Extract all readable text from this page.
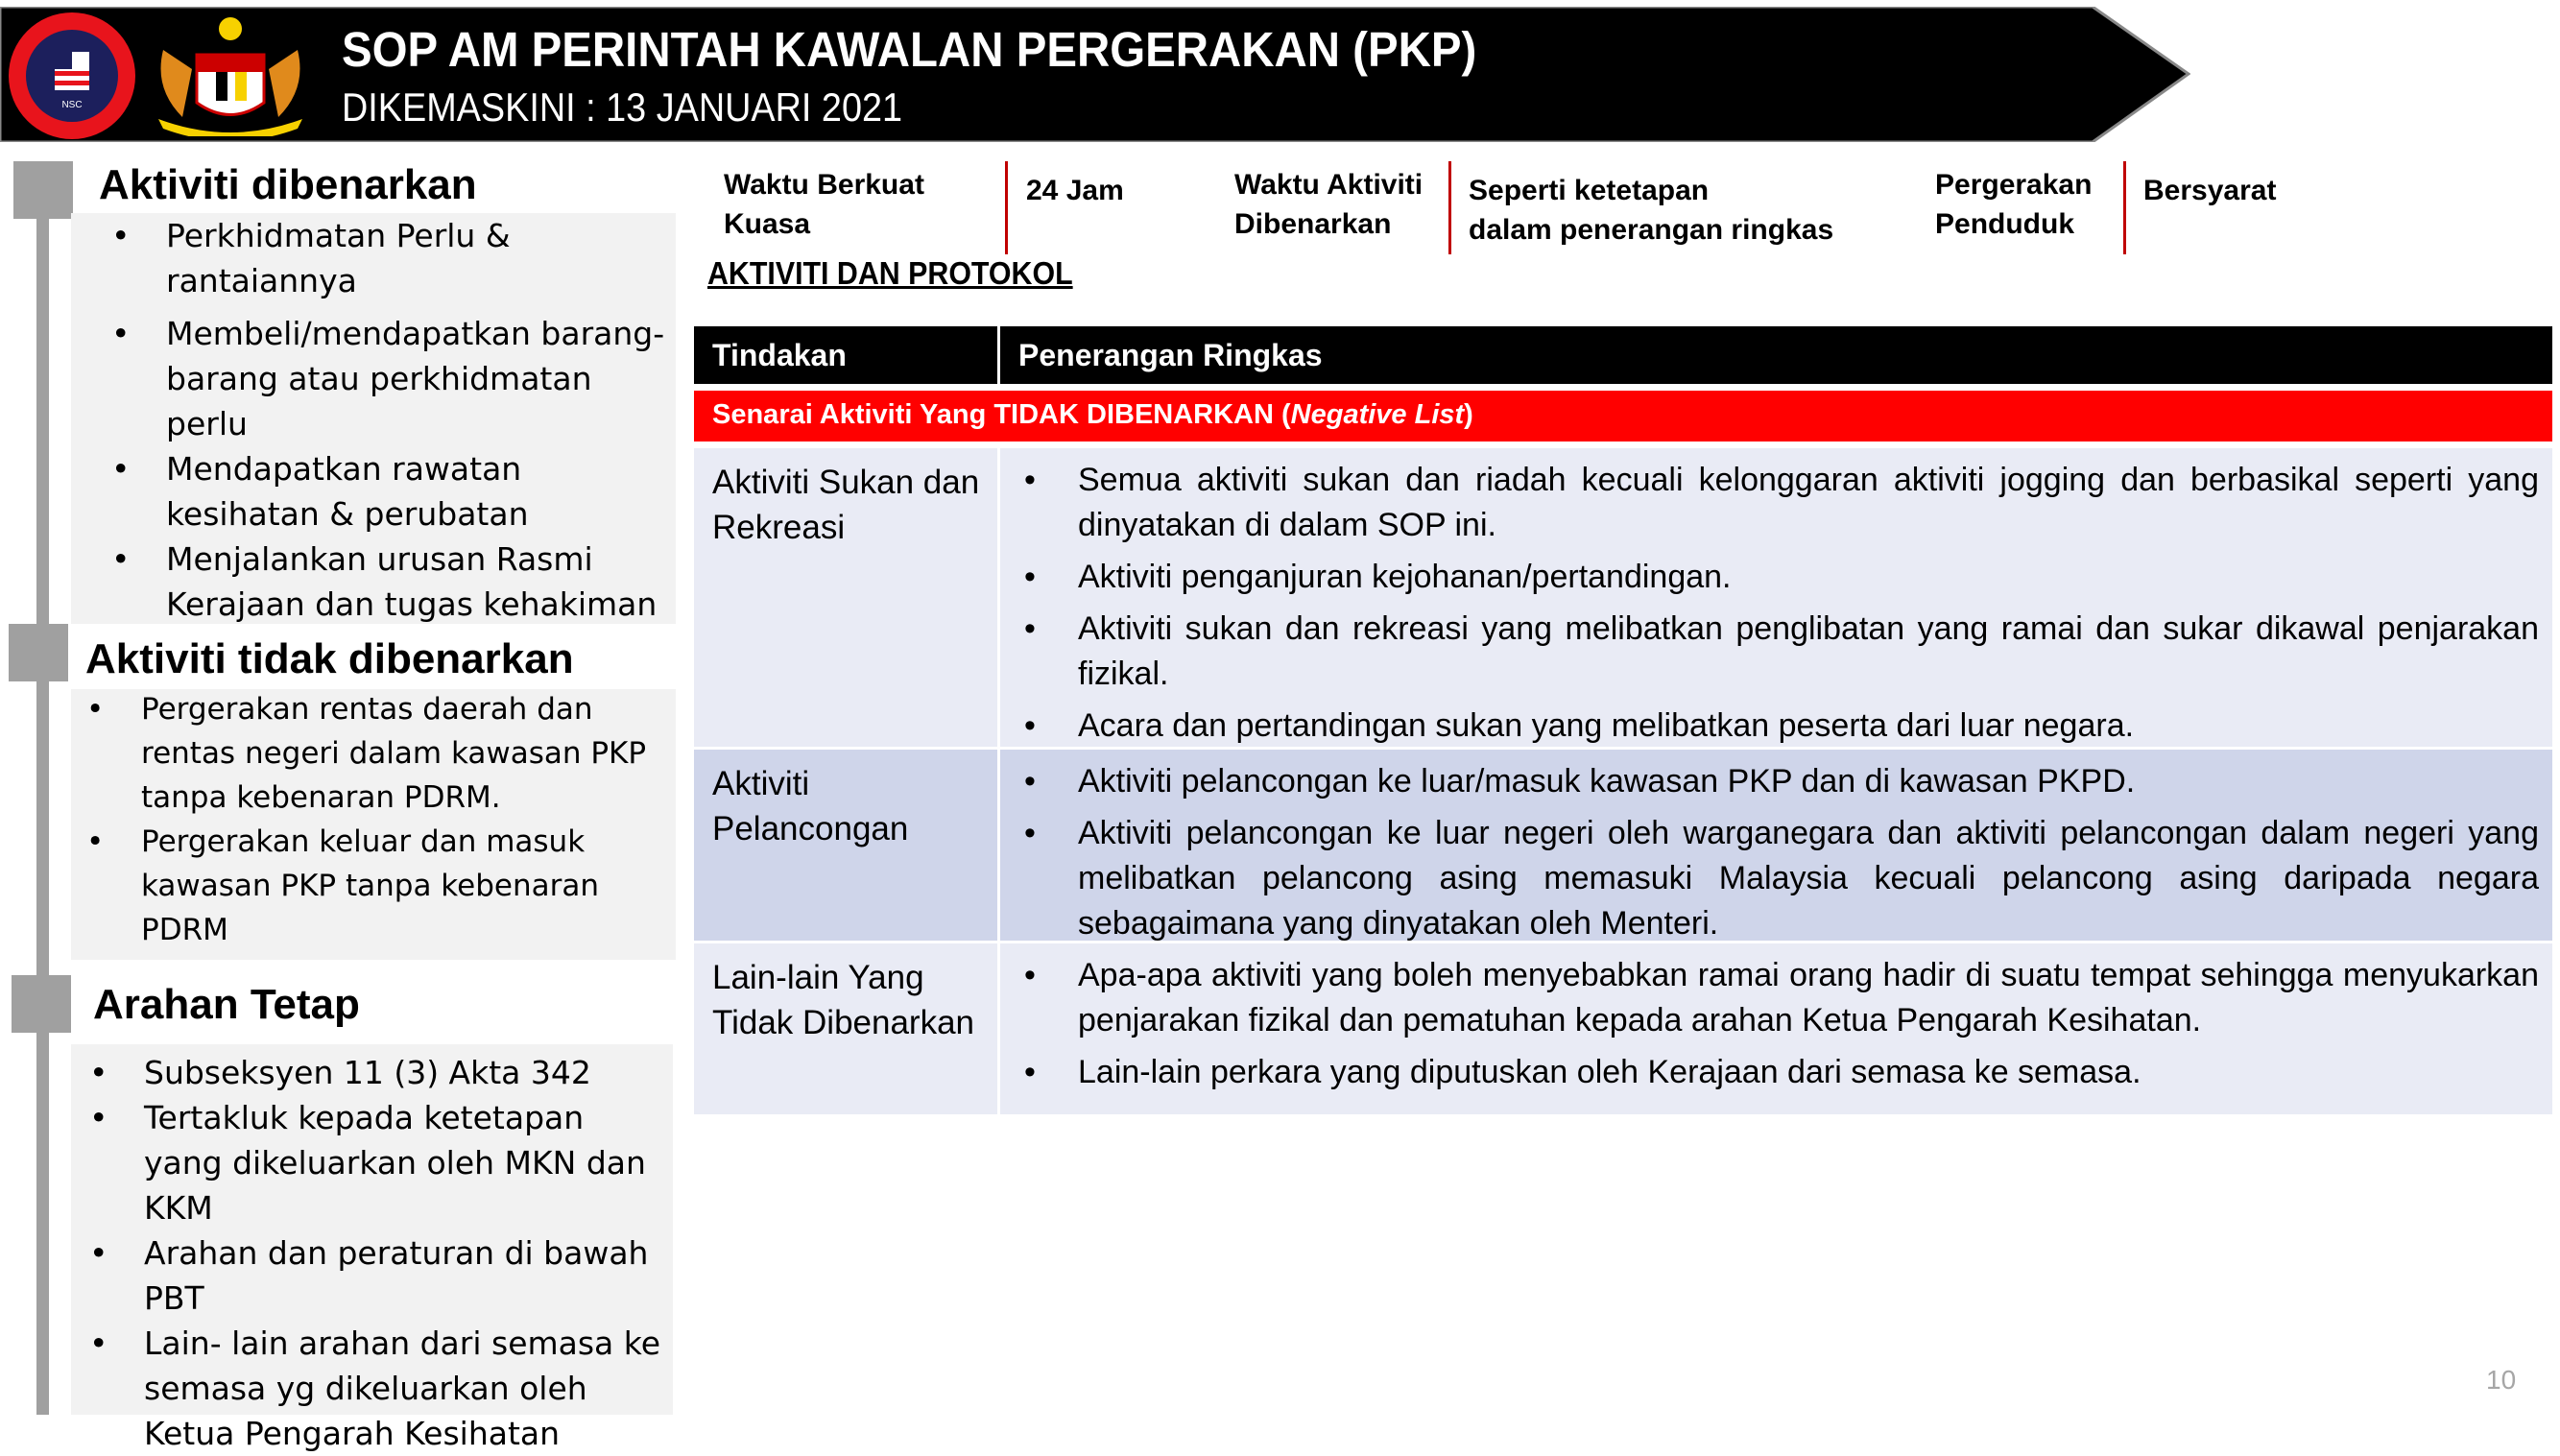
NSC
SOP AM PERINTAH KAWALAN PERGERAKAN (PKP)
DIKEMASKINI : 13 JANUARI 2021
Aktiviti dibenarkan
• Perkhidmatan Perlu & rantaiannya
• Membeli/mendapatkan barang-barang atau perkhidmatan perlu
• Mendapatkan rawatan kesihatan & perubatan
• Menjalankan urusan Rasmi Kerajaan dan tugas kehakiman
Aktiviti tidak dibenarkan
• Pergerakan rentas daerah dan rentas negeri dalam kawasan PKP tanpa kebenaran PDRM.
• Pergerakan keluar dan masuk kawasan PKP tanpa kebenaran PDRM
Arahan Tetap
• Subseksyen 11 (3) Akta 342
• Tertakluk kepada ketetapan yang dikeluarkan oleh MKN dan KKM
• Arahan dan peraturan di bawah PBT
• Lain- lain arahan dari semasa ke semasa yg dikeluarkan oleh Ketua Pengarah Kesihatan
Waktu Berkuat
Kuasa
24 Jam	Waktu Aktiviti
Dibenarkan
Seperti ketetapan
dalam penerangan ringkas
Pergerakan
Penduduk
Bersyarat
AKTIVITI DAN PROTOKOL
Tindakan	Penerangan Ringkas
Senarai Aktiviti Yang TIDAK DIBENARKAN (Negative List)
Aktiviti Sukan dan Rekreasi
• Semua aktiviti sukan dan riadah kecuali kelonggaran aktiviti jogging dan berbasikal seperti yang dinyatakan di dalam SOP ini.
• Aktiviti penganjuran kejohanan/pertandingan.
• Aktiviti sukan dan rekreasi yang melibatkan penglibatan yang ramai dan sukar dikawal penjarakan fizikal.
• Acara dan pertandingan sukan yang melibatkan peserta dari luar negara.
Aktiviti Pelancongan
• Aktiviti pelancongan ke luar/masuk kawasan PKP dan di kawasan PKPD.
• Aktiviti pelancongan ke luar negeri oleh warganegara dan aktiviti pelancongan dalam negeri yang melibatkan pelancong asing memasuki Malaysia kecuali pelancong asing daripada negara sebagaimana yang dinyatakan oleh Menteri.
Lain-lain Yang Tidak Dibenarkan
• Apa-apa aktiviti yang boleh menyebabkan ramai orang hadir di suatu tempat sehingga menyukarkan penjarakan fizikal dan pematuhan kepada arahan Ketua Pengarah Kesihatan.
• Lain-lain perkara yang diputuskan oleh Kerajaan dari semasa ke semasa.
10
